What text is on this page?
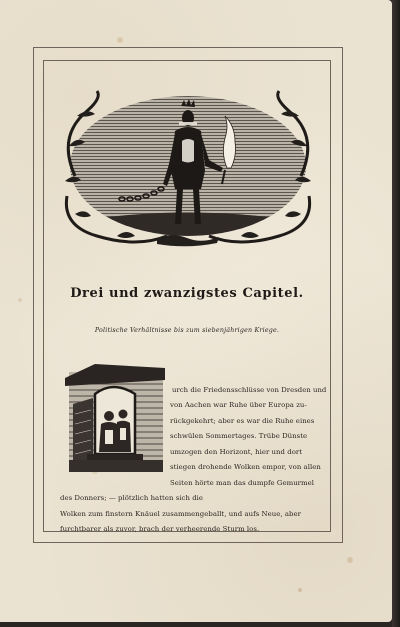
Drei und zwanzigstes Capitel.
Politische Verhältnisse bis zum siebenjährigen Kriege.
urch die Friedensschlüsse von Dresden und
von Aachen war Ruhe über Europa zu-
rückgekehrt; aber es war die Ruhe eines
schwülen Sommertages. Trübe Dünste
umzogen den Horizont, hier und dort
stiegen drohende Wolken empor, von allen
Seiten hörte man das dumpfe Gemurmel
des Donners; — plötzlich hatten sich die
Wolken zum finstern Knäuel zusammengeballt, und aufs Neue, aber
furchtbarer als zuvor, brach der verheerende Sturm los.
